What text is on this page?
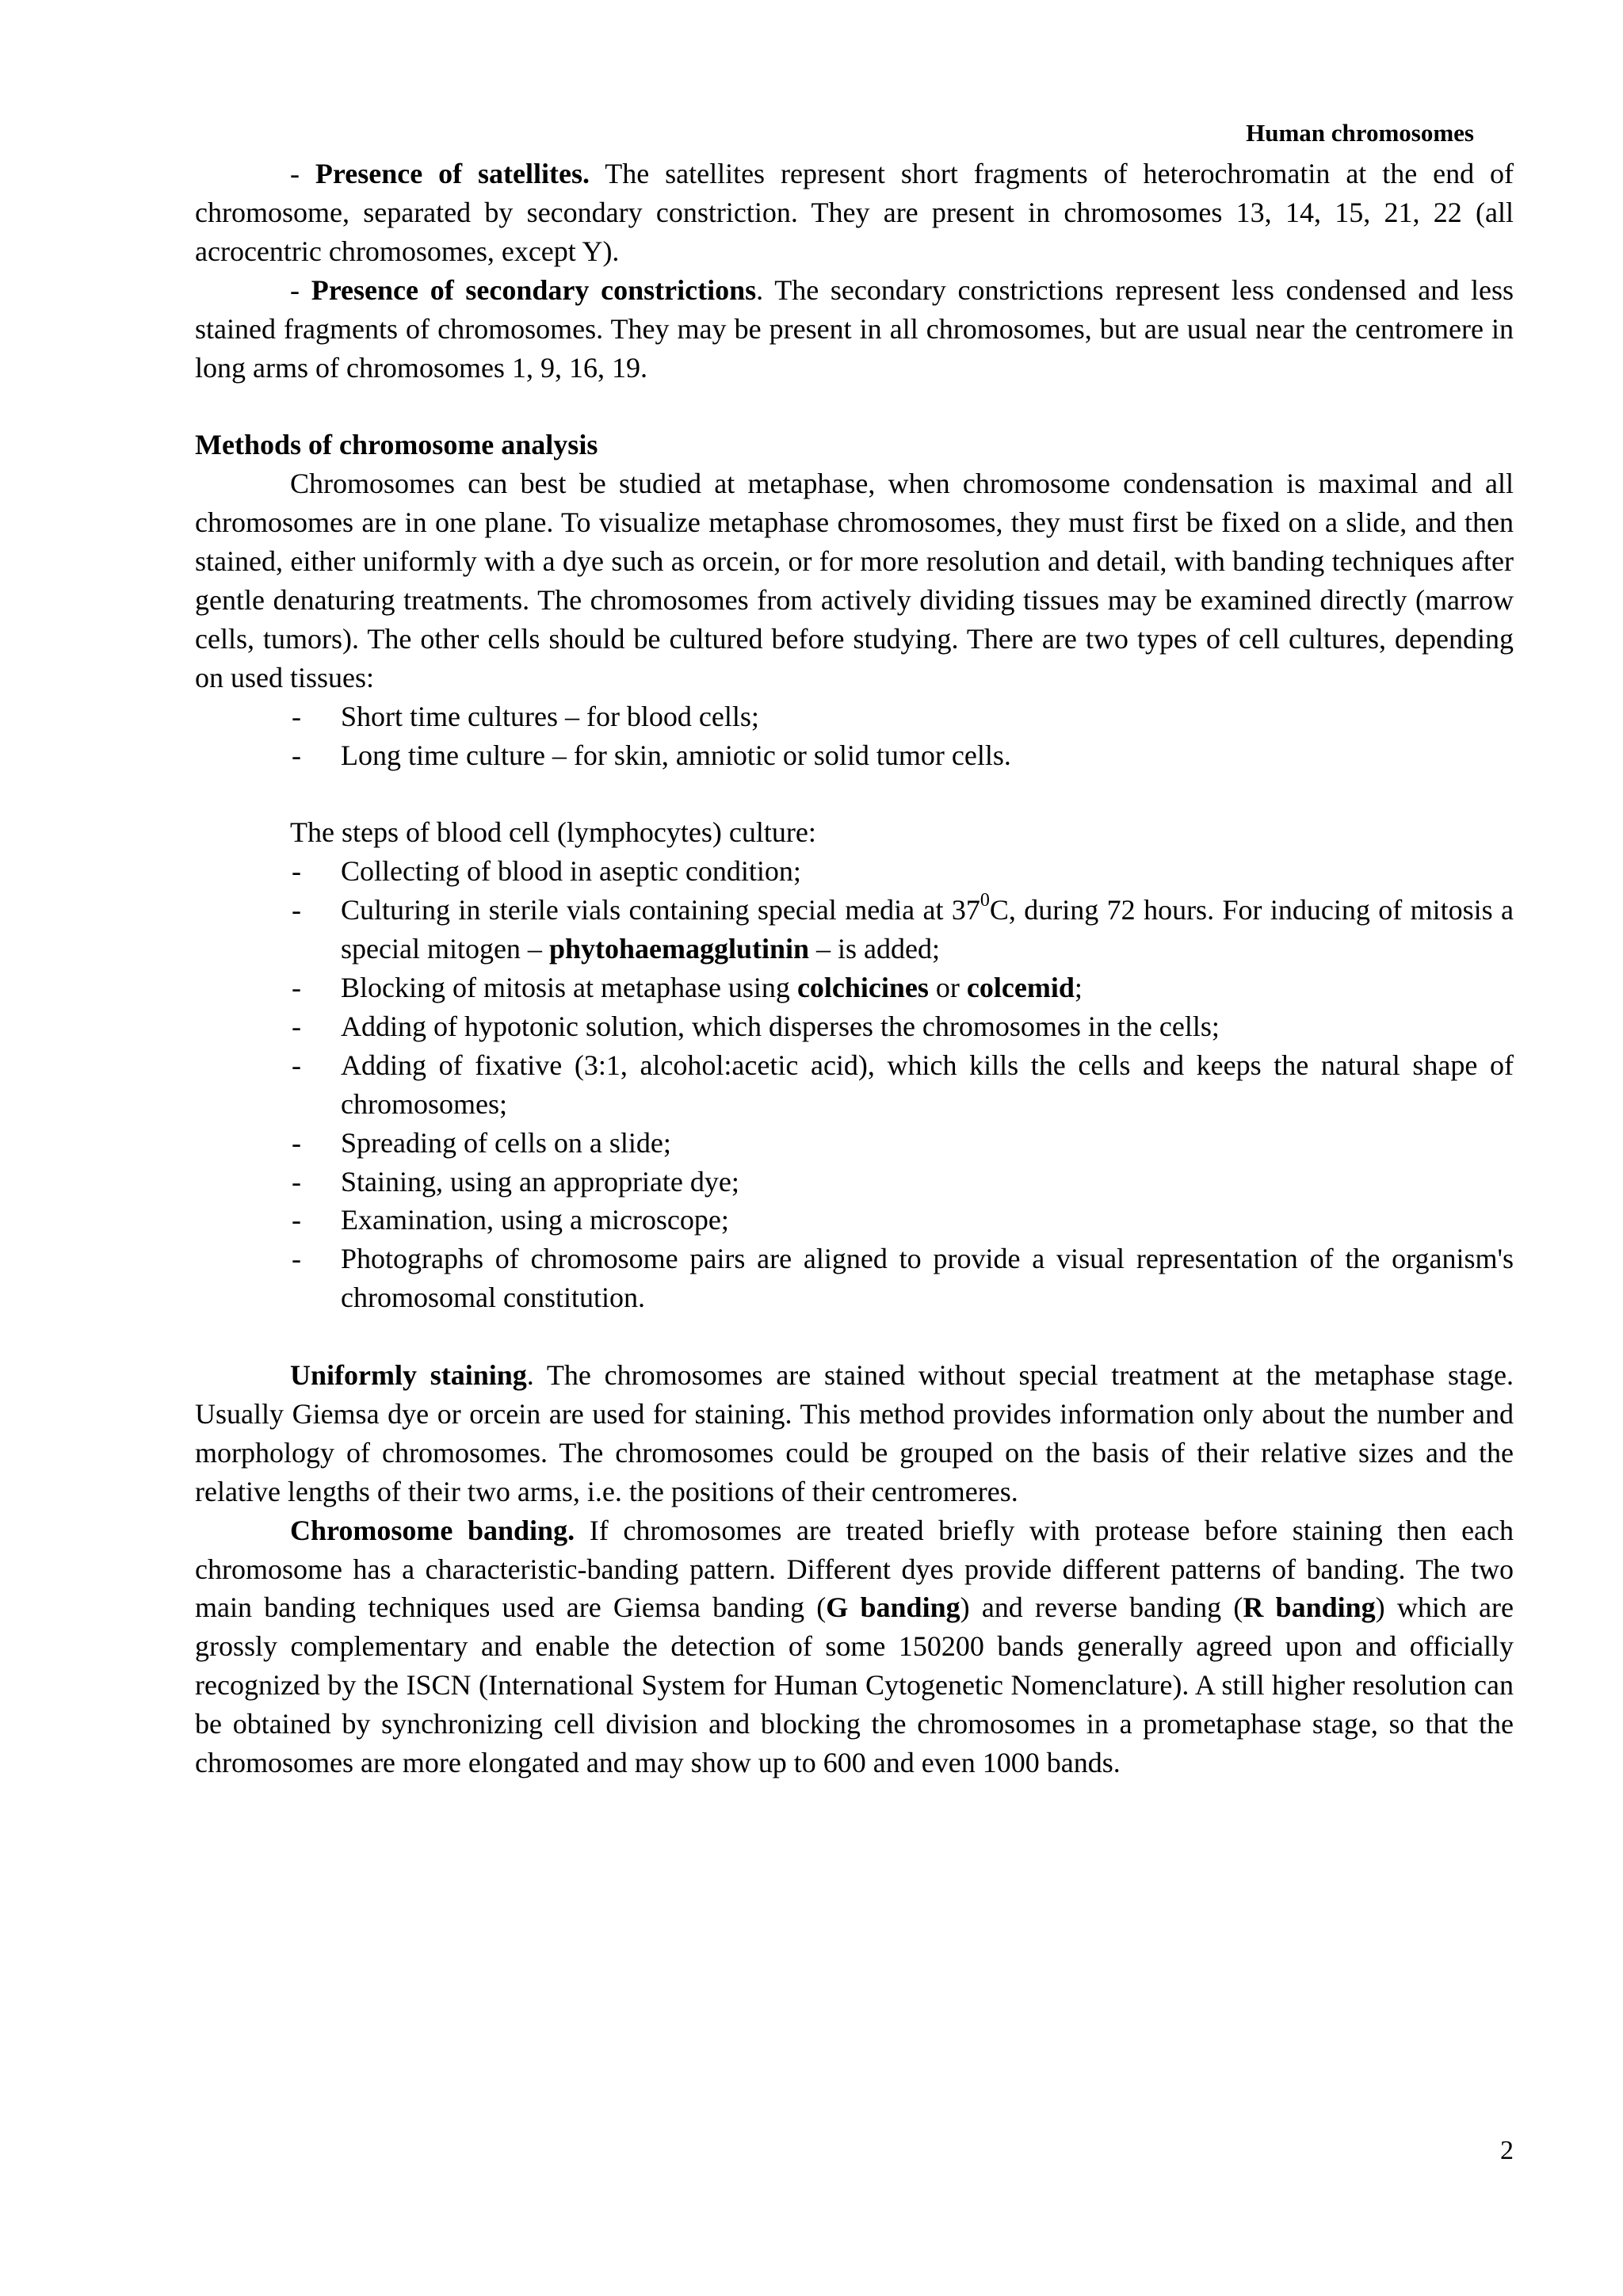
Human chromosomes

- Presence of satellites. The satellites represent short fragments of heterochromatin at the end of chromosome, separated by secondary constriction. They are present in chromosomes 13, 14, 15, 21, 22 (all acrocentric chromosomes, except Y).

- Presence of secondary constrictions. The secondary constrictions represent less condensed and less stained fragments of chromosomes. They may be present in all chromosomes, but are usual near the centromere in long arms of chromosomes 1, 9, 16, 19.

Methods of chromosome analysis

Chromosomes can best be studied at metaphase, when chromosome condensation is maximal and all chromosomes are in one plane. To visualize metaphase chromosomes, they must first be fixed on a slide, and then stained, either uniformly with a dye such as orcein, or for more resolution and detail, with banding techniques after gentle denaturing treatments. The chromosomes from actively dividing tissues may be examined directly (marrow cells, tumors). The other cells should be cultured before studying. There are two types of cell cultures, depending on used tissues:

- Short time cultures – for blood cells;
- Long time culture – for skin, amniotic or solid tumor cells.

The steps of blood cell (lymphocytes) culture:

- Collecting of blood in aseptic condition;
- Culturing in sterile vials containing special media at $37^0C$, during 72 hours. For inducing of mitosis a special mitogen – phytohaemagglutinin – is added;
- Blocking of mitosis at metaphase using colchicines or colcemid;
- Adding of hypotonic solution, which disperses the chromosomes in the cells;
- Adding of fixative (3:1, alcohol:acetic acid), which kills the cells and keeps the natural shape of chromosomes;
- Spreading of cells on a slide;
- Staining, using an appropriate dye;
- Examination, using a microscope;
- Photographs of chromosome pairs are aligned to provide a visual representation of the organism's chromosomal constitution.

Uniformly staining. The chromosomes are stained without special treatment at the metaphase stage. Usually Giemsa dye or orcein are used for staining. This method provides information only about the number and morphology of chromosomes. The chromosomes could be grouped on the basis of their relative sizes and the relative lengths of their two arms, i.e. the positions of their centromeres.

Chromosome banding. If chromosomes are treated briefly with protease before staining then each chromosome has a characteristic-banding pattern. Different dyes provide different patterns of banding. The two main banding techniques used are Giemsa banding (G banding) and reverse banding (R banding) which are grossly complementary and enable the detection of some 150200 bands generally agreed upon and officially recognized by the ISCN (International System for Human Cytogenetic Nomenclature). A still higher resolution can be obtained by synchronizing cell division and blocking the chromosomes in a prometaphase stage, so that the chromosomes are more elongated and may show up to 600 and even 1000 bands.

2
